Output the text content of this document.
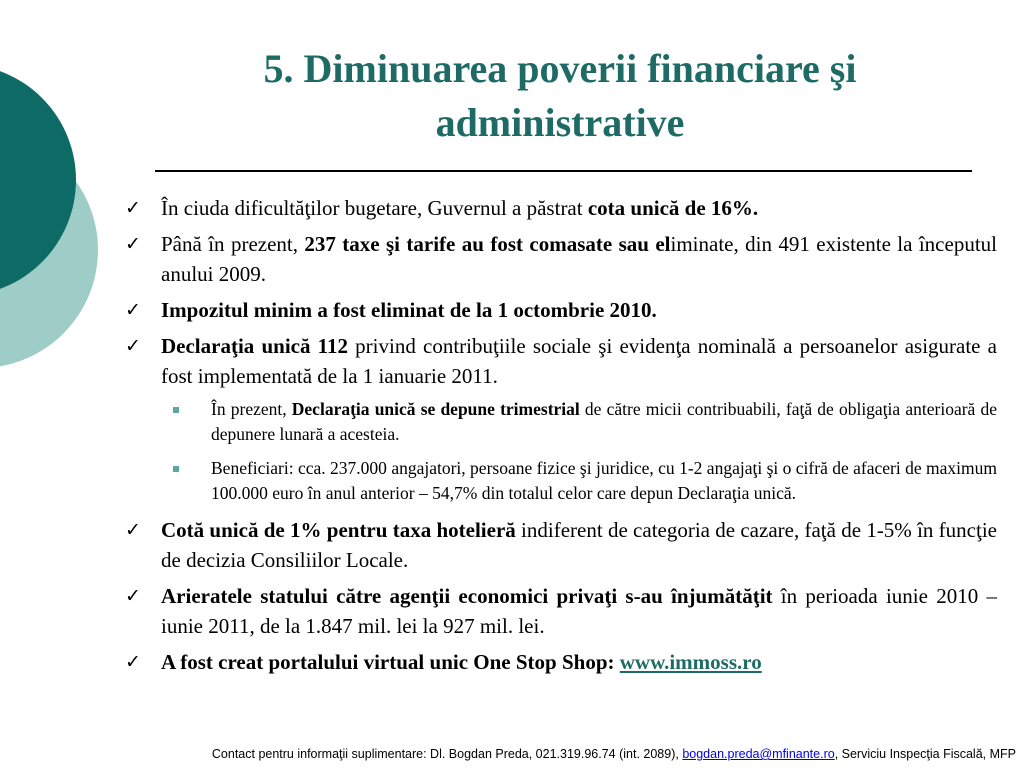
5. Diminuarea poverii financiare şi
administrative
✓ În ciuda dificultăţilor bugetare, Guvernul a păstrat cota unică de 16%.
✓ Până în prezent, 237 taxe şi tarife au fost comasate sau eliminate, din 491 existente la începutul anului 2009.
✓ Impozitul minim a fost eliminat de la 1 octombrie 2010.
✓ Declaraţia unică 112 privind contribuţiile sociale şi evidenţa nominală a persoanelor asigurate a fost implementată de la 1 ianuarie 2011.
În prezent, Declaraţia unică se depune trimestrial de către micii contribuabili, faţă de obligaţia anterioară de depunere lunară a acesteia.
Beneficiari: cca. 237.000 angajatori, persoane fizice şi juridice, cu 1-2 angajaţi şi o cifră de afaceri de maximum 100.000 euro în anul anterior – 54,7% din totalul celor care depun Declaraţia unică.
✓ Cotă unică de 1% pentru taxa hotelieră indiferent de categoria de cazare, faţă de 1-5% în funcţie de decizia Consiliilor Locale.
✓ Arieratele statului către agenţii economici privaţi s-au înjumătăţit în perioada iunie 2010 – iunie 2011, de la 1.847 mil. lei la 927 mil. lei.
✓ A fost creat portalului virtual unic One Stop Shop: www.immoss.ro
Contact pentru informaţii suplimentare: Dl. Bogdan Preda, 021.319.96.74 (int. 2089), bogdan.preda@mfinante.ro, Serviciu Inspecţia Fiscală, MFP
